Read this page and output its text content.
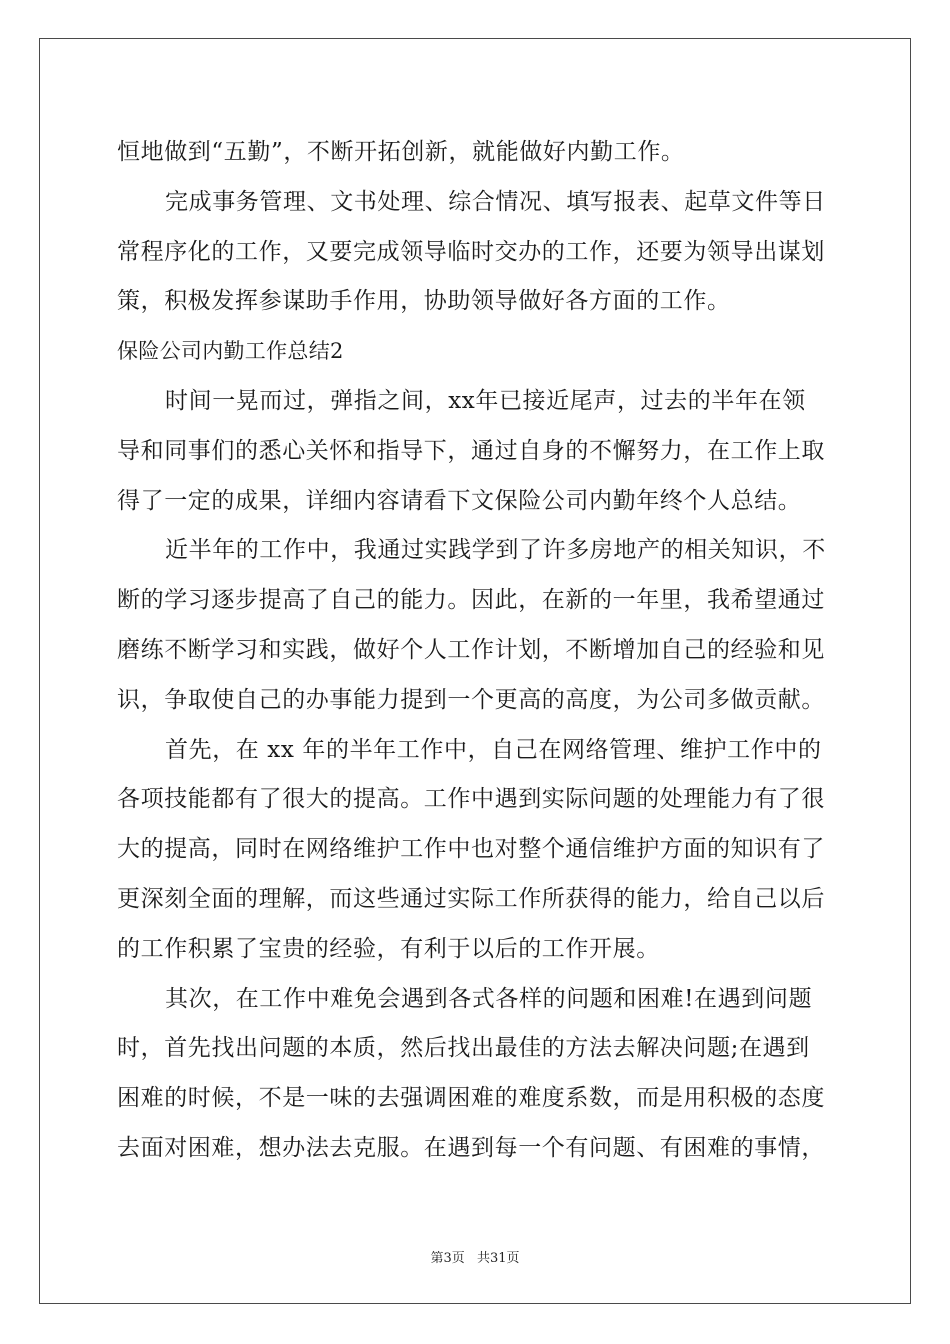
恒地做到“五勤”，不断开拓创新，就能做好内勤工作。
完成事务管理、文书处理、综合情况、填写报表、起草文件等日
常程序化的工作，又要完成领导临时交办的工作，还要为领导出谋划
策，积极发挥参谋助手作用，协助领导做好各方面的工作。
保险公司内勤工作总结2
时间一晃而过，弹指之间，xx年已接近尾声，过去的半年在领
导和同事们的悉心关怀和指导下，通过自身的不懈努力，在工作上取
得了一定的成果，详细内容请看下文保险公司内勤年终个人总结。
近半年的工作中，我通过实践学到了许多房地产的相关知识，不
断的学习逐步提高了自己的能力。因此，在新的一年里，我希望通过
磨练不断学习和实践，做好个人工作计划，不断增加自己的经验和见
识，争取使自己的办事能力提到一个更高的高度，为公司多做贡献。
首先，在 xx 年的半年工作中，自己在网络管理、维护工作中的
各项技能都有了很大的提高。工作中遇到实际问题的处理能力有了很
大的提高，同时在网络维护工作中也对整个通信维护方面的知识有了
更深刻全面的理解，而这些通过实际工作所获得的能力，给自己以后
的工作积累了宝贵的经验，有利于以后的工作开展。
其次，在工作中难免会遇到各式各样的问题和困难!在遇到问题
时，首先找出问题的本质，然后找出最佳的方法去解决问题;在遇到
困难的时候，不是一味的去强调困难的难度系数，而是用积极的态度
去面对困难，想办法去克服。在遇到每一个有问题、有困难的事情，
第3页 共31页
